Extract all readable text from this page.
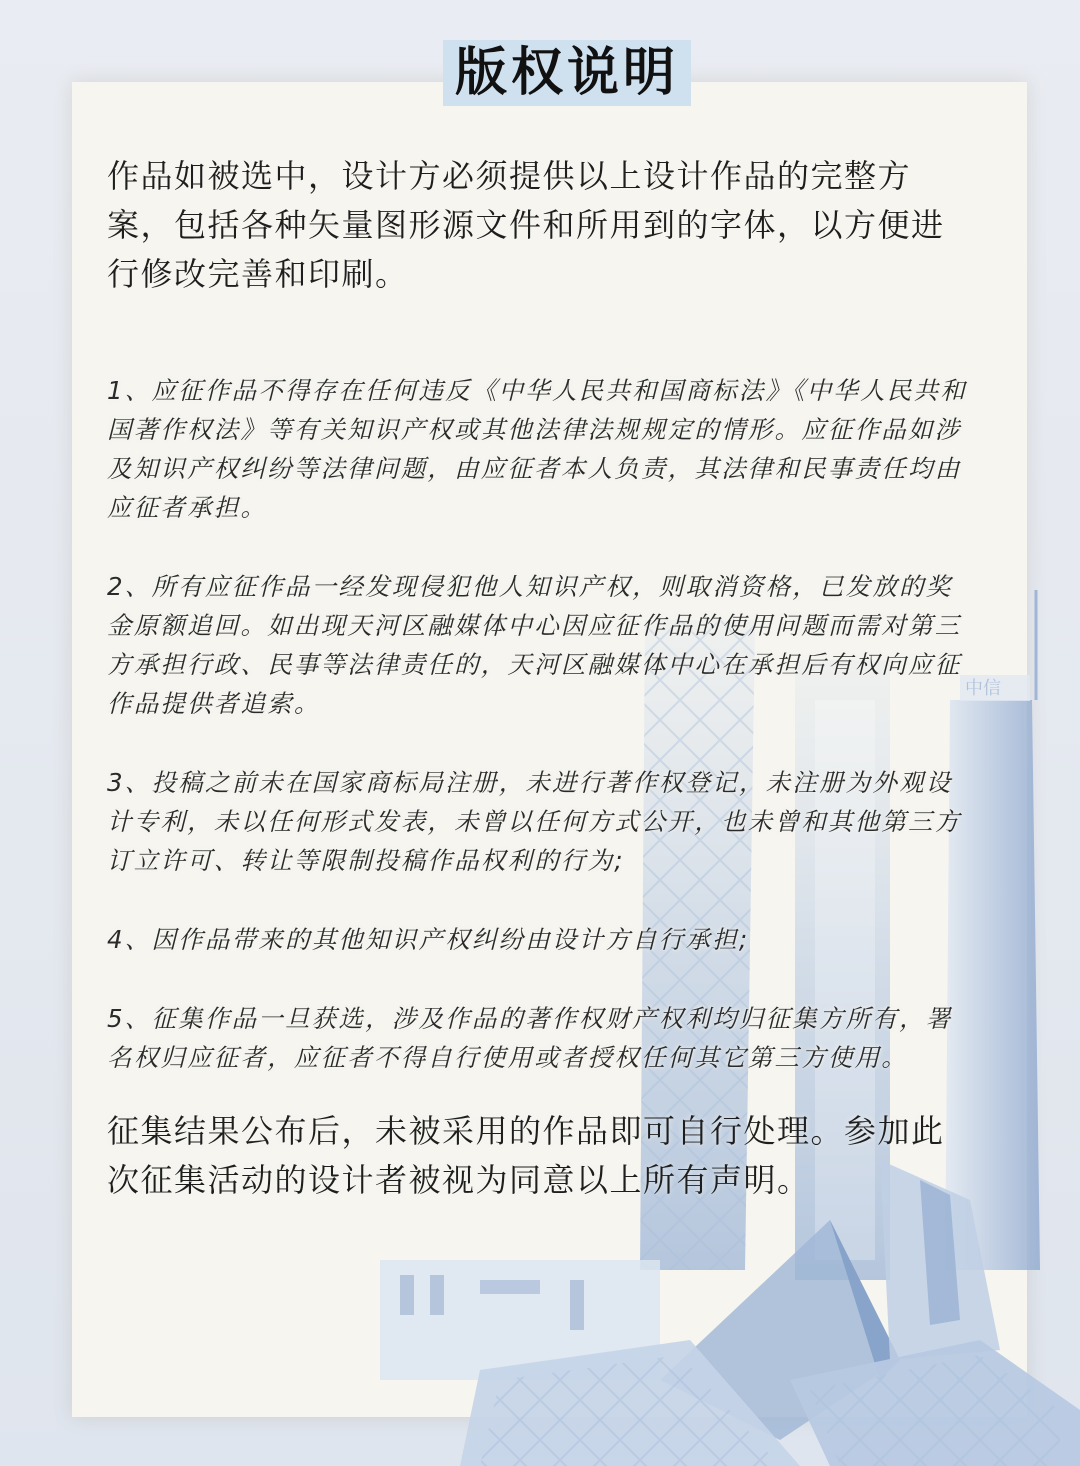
中信
版权说明

作品如被选中，设计方必须提供以上设计作品的完整方案，包括各种矢量图形源文件和所用到的字体，以方便进行修改完善和印刷。

1、应征作品不得存在任何违反《中华人民共和国商标法》《中华人民共和国著作权法》等有关知识产权或其他法律法规规定的情形。应征作品如涉及知识产权纠纷等法律问题，由应征者本人负责，其法律和民事责任均由应征者承担。

2、所有应征作品一经发现侵犯他人知识产权，则取消资格，已发放的奖金原额追回。如出现天河区融媒体中心因应征作品的使用问题而需对第三方承担行政、民事等法律责任的，天河区融媒体中心在承担后有权向应征作品提供者追索。

3、投稿之前未在国家商标局注册，未进行著作权登记，未注册为外观设计专利，未以任何形式发表，未曾以任何方式公开，也未曾和其他第三方订立许可、转让等限制投稿作品权利的行为;

4、因作品带来的其他知识产权纠纷由设计方自行承担;

5、征集作品一旦获选，涉及作品的著作权财产权利均归征集方所有，署名权归应征者，应征者不得自行使用或者授权任何其它第三方使用。

征集结果公布后，未被采用的作品即可自行处理。参加此次征集活动的设计者被视为同意以上所有声明。
